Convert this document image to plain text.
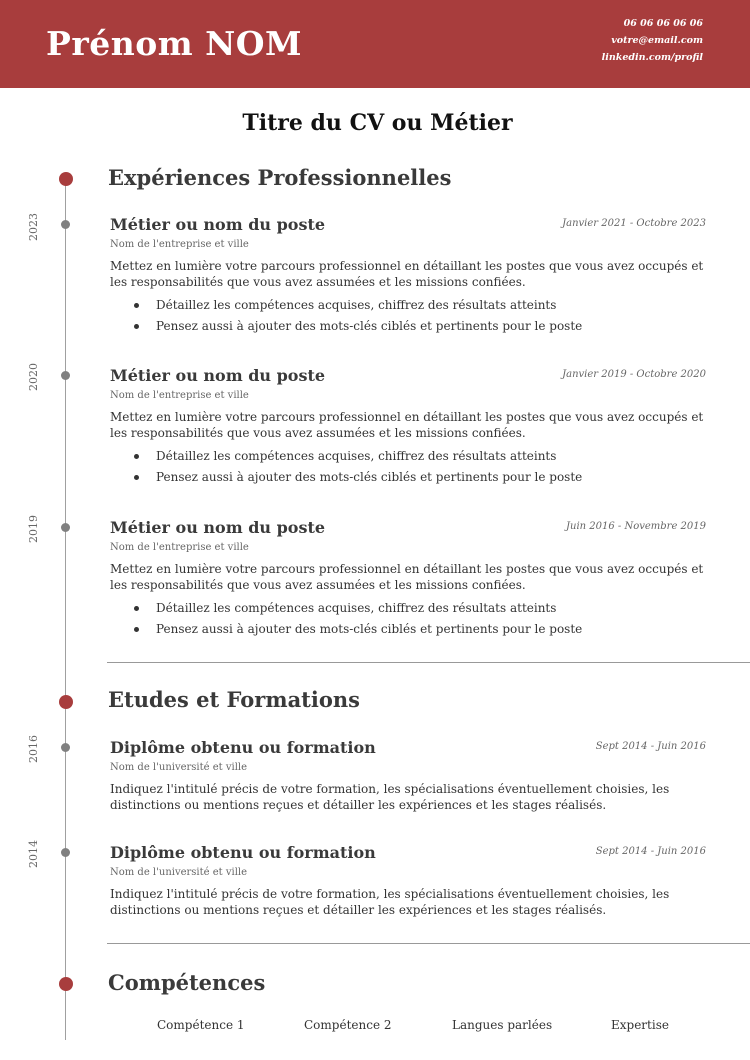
Prénom NOM
06 06 06 06 06
votre@email.com
linkedin.com/profil
Titre du CV ou Métier
Expériences Professionnelles
2023	Métier ou nom du poste	Janvier 2021 - Octobre 2023
Nom de l'entreprise et ville
Mettez en lumière votre parcours professionnel en détaillant les postes que vous avez occupés et les responsabilités que vous avez assumées et les missions confiées.
Détaillez les compétences acquises, chiffrez des résultats atteints
Pensez aussi à ajouter des mots-clés ciblés et pertinents pour le poste
2020	Métier ou nom du poste	Janvier 2019 - Octobre 2020
Nom de l'entreprise et ville
Mettez en lumière votre parcours professionnel en détaillant les postes que vous avez occupés et les responsabilités que vous avez assumées et les missions confiées.
Détaillez les compétences acquises, chiffrez des résultats atteints
Pensez aussi à ajouter des mots-clés ciblés et pertinents pour le poste
2019	Métier ou nom du poste	Juin 2016 - Novembre 2019
Nom de l'entreprise et ville
Mettez en lumière votre parcours professionnel en détaillant les postes que vous avez occupés et les responsabilités que vous avez assumées et les missions confiées.
Détaillez les compétences acquises, chiffrez des résultats atteints
Pensez aussi à ajouter des mots-clés ciblés et pertinents pour le poste
Etudes et Formations
2016	Diplôme obtenu ou formation	Sept 2014 - Juin 2016
Nom de l'université et ville
Indiquez l'intitulé précis de votre formation, les spécialisations éventuellement choisies, les distinctions ou mentions reçues et détailler les expériences et les stages réalisés.
2014	Diplôme obtenu ou formation	Sept 2014 - Juin 2016
Nom de l'université et ville
Indiquez l'intitulé précis de votre formation, les spécialisations éventuellement choisies, les distinctions ou mentions reçues et détailler les expériences et les stages réalisés.
Compétences
Compétence 1	Compétence 2	Langues parlées	Expertise
